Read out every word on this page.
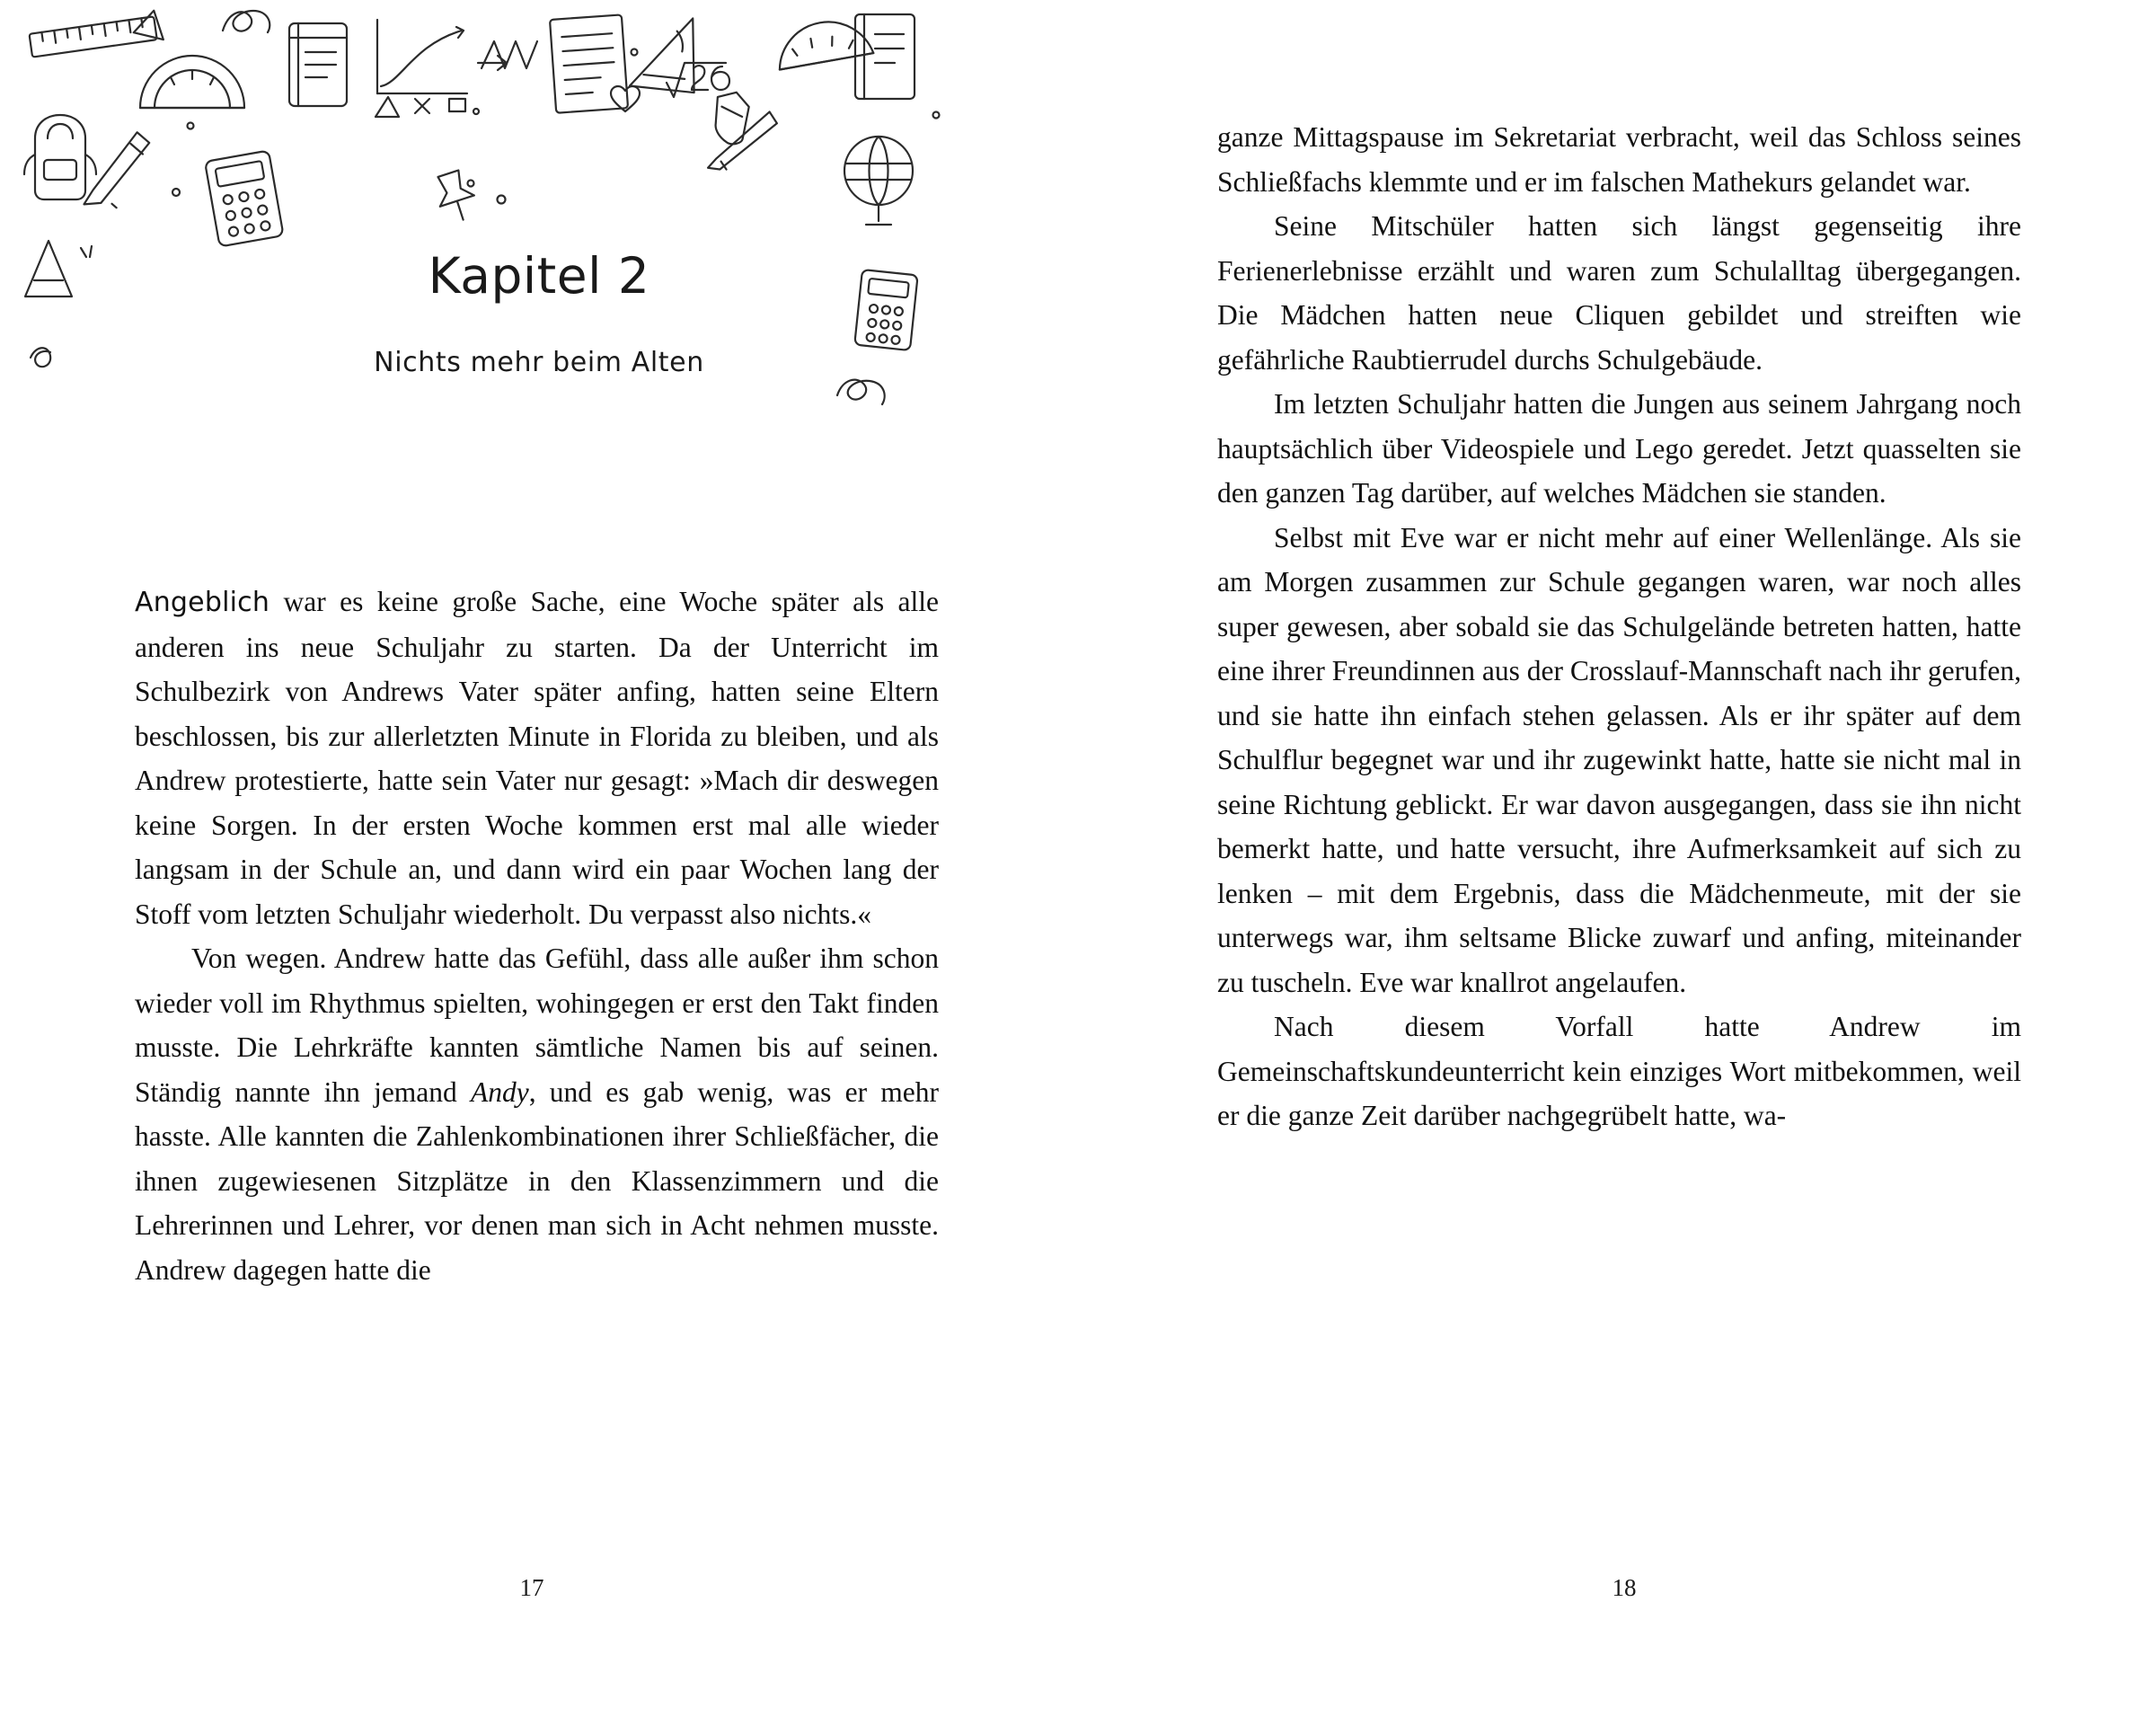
Kapitel 2
Nichts mehr beim Alten

Angeblich war es keine große Sache, eine Woche später als alle anderen ins neue Schuljahr zu starten. Da der Unterricht im Schulbezirk von Andrews Vater später anfing, hatten seine Eltern beschlossen, bis zur allerletzten Minute in Florida zu bleiben, und als Andrew protestierte, hatte sein Vater nur gesagt: »Mach dir deswegen keine Sorgen. In der ersten Woche kommen erst mal alle wieder langsam in der Schule an, und dann wird ein paar Wochen lang der Stoff vom letzten Schuljahr wiederholt. Du verpasst also nichts.«

Von wegen. Andrew hatte das Gefühl, dass alle außer ihm schon wieder voll im Rhythmus spielten, wohingegen er erst den Takt finden musste. Die Lehrkräfte kannten sämtliche Namen bis auf seinen. Ständig nannte ihn jemand Andy, und es gab wenig, was er mehr hasste. Alle kannten die Zahlenkombinationen ihrer Schließfächer, die ihnen zugewiesenen Sitzplätze in den Klassenzimmern und die Lehrerinnen und Lehrer, vor denen man sich in Acht nehmen musste. Andrew dagegen hatte die

17

ganze Mittagspause im Sekretariat verbracht, weil das Schloss seines Schließfachs klemmte und er im falschen Mathekurs gelandet war.

Seine Mitschüler hatten sich längst gegenseitig ihre Ferienerlebnisse erzählt und waren zum Schulalltag übergegangen. Die Mädchen hatten neue Cliquen gebildet und streiften wie gefährliche Raubtierrudel durchs Schulgebäude.

Im letzten Schuljahr hatten die Jungen aus seinem Jahrgang noch hauptsächlich über Videospiele und Lego geredet. Jetzt quasselten sie den ganzen Tag darüber, auf welches Mädchen sie standen.

Selbst mit Eve war er nicht mehr auf einer Wellenlänge. Als sie am Morgen zusammen zur Schule gegangen waren, war noch alles super gewesen, aber sobald sie das Schulgelände betreten hatten, hatte eine ihrer Freundinnen aus der Crosslauf-Mannschaft nach ihr gerufen, und sie hatte ihn einfach stehen gelassen. Als er ihr später auf dem Schulflur begegnet war und ihr zugewinkt hatte, hatte sie nicht mal in seine Richtung geblickt. Er war davon ausgegangen, dass sie ihn nicht bemerkt hatte, und hatte versucht, ihre Aufmerksamkeit auf sich zu lenken – mit dem Ergebnis, dass die Mädchenmeute, mit der sie unterwegs war, ihm seltsame Blicke zuwarf und anfing, miteinander zu tuscheln. Eve war knallrot angelaufen.

Nach diesem Vorfall hatte Andrew im Gemeinschaftskundeunterricht kein einziges Wort mitbekommen, weil er die ganze Zeit darüber nachgegrübelt hatte, wa-

18
